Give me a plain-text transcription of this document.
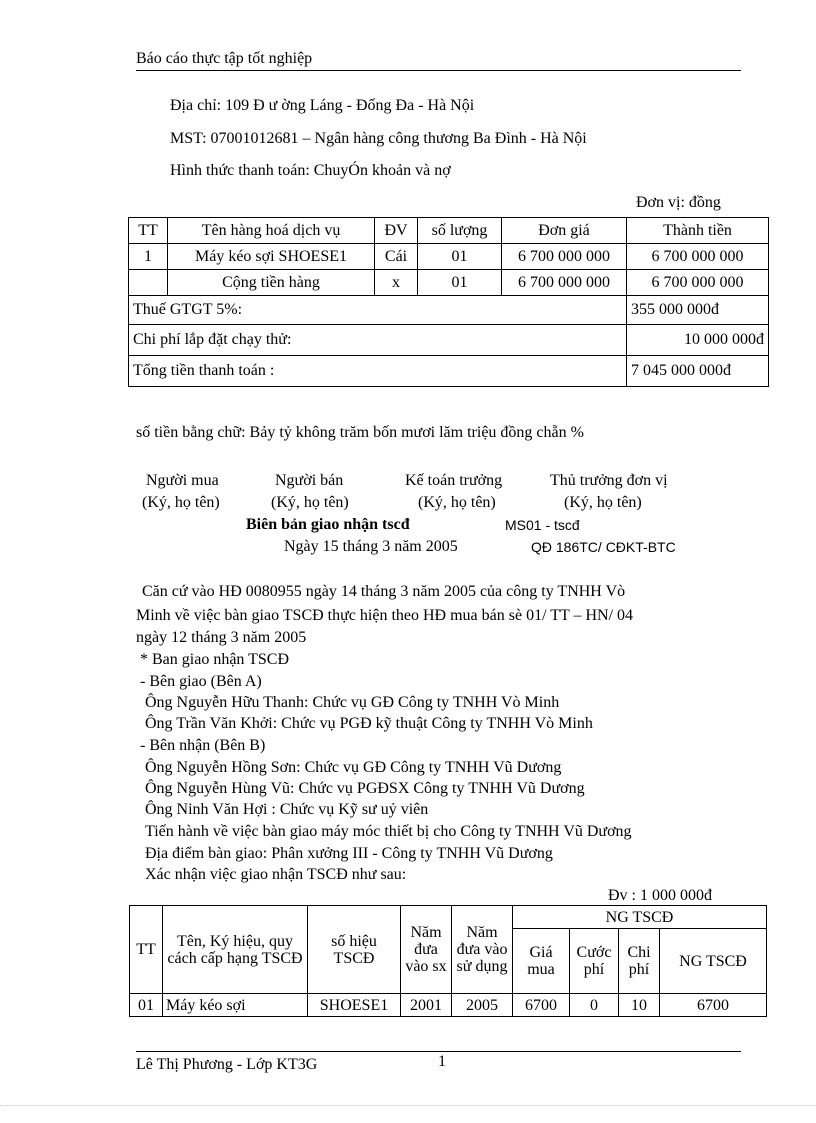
Báo cáo thực tập tốt nghiệp
Địa chỉ: 109 Đ ư ờng Láng - Đống Đa - Hà Nội
MST: 07001012681 – Ngân hàng công thương Ba Đình - Hà Nội
Hình thức thanh toán: ChuyÓn khoản và nợ
Đơn vị: đồng
TT	Tên hàng hoá dịch vụ	ĐV	số lượng	Đơn giá	Thành tiền
1	Máy kéo sợi SHOESE1	Cái	01	6 700 000 000	6 700 000 000
	Cộng tiền hàng	x	01	6 700 000 000	6 700 000 000
Thuế GTGT 5%:					355 000 000đ
Chi phí lắp đặt chạy thử:					10 000 000đ
Tổng tiền thanh toán :					7 045 000 000đ
số tiền bằng chữ: Bảy tỷ không trăm bốn mươi lăm triệu đồng chẵn %
Người mua
(Ký, họ tên)
Người bán
(Ký, họ tên)
Kế toán trưởng
(Ký, họ tên)
Thủ trưởng đơn vị
(Ký, họ tên)
Biên bản giao nhận tscđ	MS01 - tscđ
Ngày 15 tháng 3 năm 2005	QĐ 186TC/ CĐKT-BTC
Căn cứ vào HĐ 0080955 ngày 14 tháng 3 năm 2005 của công ty TNHH Vò
Minh về việc bàn giao TSCĐ thực hiện theo HĐ mua bán sè 01/ TT – HN/ 04
ngày 12 tháng 3 năm 2005
* Ban giao nhận TSCĐ
- Bên giao (Bên A)
Ông Nguyễn Hữu Thanh: Chức vụ GĐ Công ty TNHH Vò Minh
Ông Trần Văn Khởi: Chức vụ PGĐ kỹ thuật Công ty TNHH Vò Minh
- Bên nhận (Bên B)
Ông Nguyễn Hồng Sơn: Chức vụ GĐ Công ty TNHH Vũ Dương
Ông Nguyễn Hùng Vũ: Chức vụ PGĐSX Công ty TNHH Vũ Dương
Ông Ninh Văn Hợi : Chức vụ Kỹ sư uỷ viên
Tiến hành về việc bàn giao máy móc thiết bị cho Công ty TNHH Vũ Dương
Địa điểm bàn giao: Phân xưởng III - Công ty TNHH Vũ Dương
Xác nhận việc giao nhận TSCĐ như sau:
Đv : 1 000 000đ
TT	Tên, Ký hiệu, quy cách cấp hạng TSCĐ	số hiệu TSCĐ	Năm đưa vào sx	Năm đưa vào sử dụng	NG TSCĐ			
					Giá mua	Cước phí	Chi phí	NG TSCĐ
01	Máy kéo sợi	SHOESE1	2001	2005	6700	0	10	6700
Lê Thị Phương - Lớp KT3G	1
